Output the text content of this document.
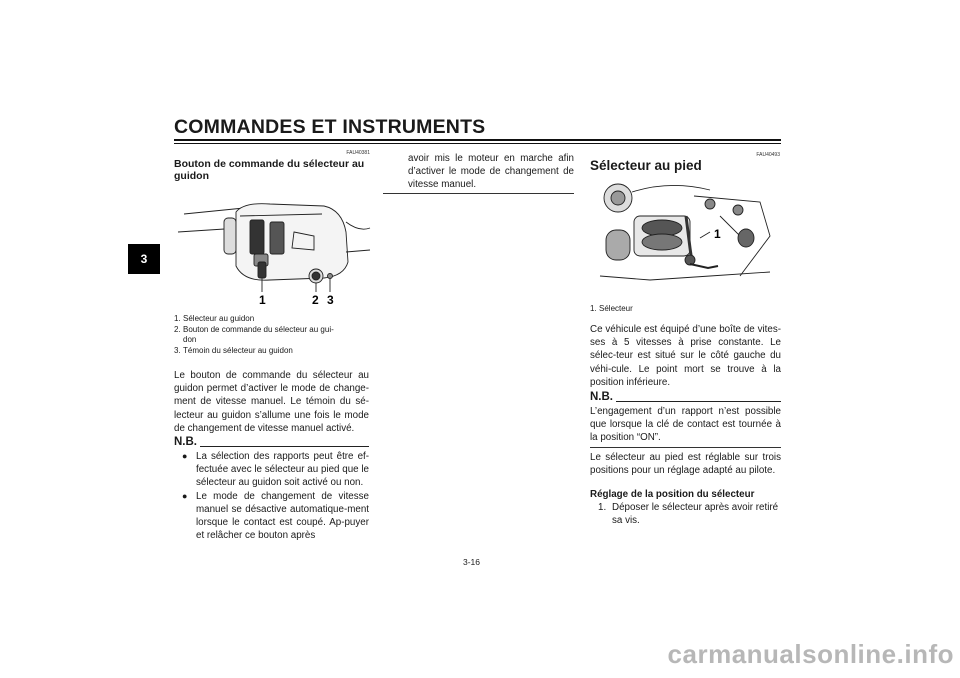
COMMANDES ET INSTRUMENTS
3
FAU40381
Bouton de commande du sélecteur au
guidon
1	2 3
1. Sélecteur au guidon
2. Bouton de commande du sélecteur au gui-
don
3. Témoin du sélecteur au guidon
Le bouton de commande du sélecteur au guidon permet d’activer le mode de change-ment de vitesse manuel. Le témoin du sé-lecteur au guidon s’allume une fois le mode de changement de vitesse manuel activé.
N.B.
● La sélection des rapports peut être ef-fectuée avec le sélecteur au pied que le sélecteur au guidon soit activé ou non.
● Le mode de changement de vitesse manuel se désactive automatique-ment lorsque le contact est coupé. Ap-puyer et relâcher ce bouton après
avoir mis le moteur en marche afin d’activer le mode de changement de vitesse manuel.
FAU40493
Sélecteur au pied
1
1. Sélecteur
Ce véhicule est équipé d’une boîte de vites-ses à 5 vitesses à prise constante. Le sélec-teur est situé sur le côté gauche du véhi-cule. Le point mort se trouve à la position inférieure.
N.B.
L’engagement d’un rapport n’est possible que lorsque la clé de contact est tournée à la position “ON”.
Le sélecteur au pied est réglable sur trois positions pour un réglage adapté au pilote.
Réglage de la position du sélecteur
1. Déposer le sélecteur après avoir retiré sa vis.
3-16
carmanualsonline.info
